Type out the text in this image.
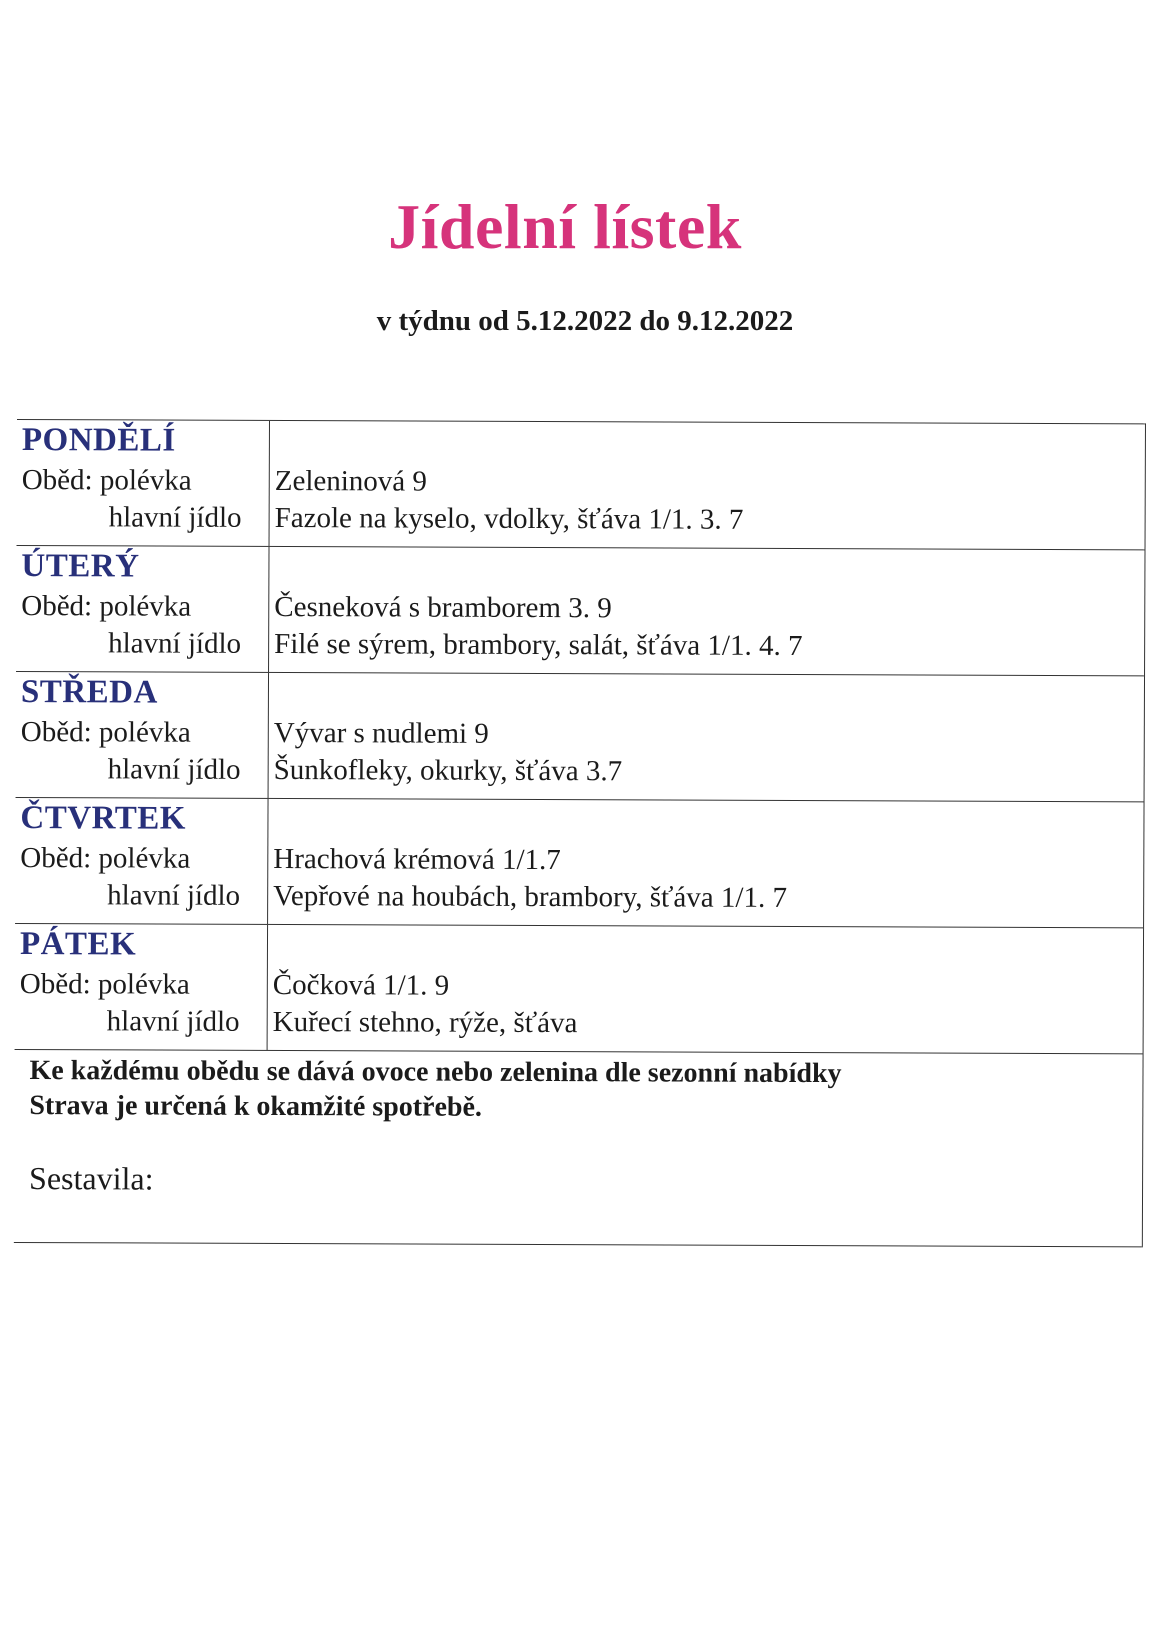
Jídelní lístek
v týdnu od 5.12.2022 do 9.12.2022
PONDĚLÍ
Oběd: polévka
hlavní jídlo
Zeleninová 9
Fazole na kyselo, vdolky, šťáva 1/1. 3. 7
ÚTERÝ
Oběd: polévka
hlavní jídlo
Česneková s bramborem 3. 9
Filé se sýrem, brambory, salát, šťáva 1/1. 4. 7
STŘEDA
Oběd: polévka
hlavní jídlo
Vývar s nudlemi 9
Šunkofleky, okurky, šťáva 3.7
ČTVRTEK
Oběd: polévka
hlavní jídlo
Hrachová krémová 1/1.7
Vepřové na houbách, brambory, šťáva 1/1. 7
PÁTEK
Oběd: polévka
hlavní jídlo
Čočková 1/1. 9
Kuřecí stehno, rýže, šťáva
Ke každému obědu se dává ovoce nebo zelenina dle sezonní nabídky
Strava je určená k okamžité spotřebě.
Sestavila:
